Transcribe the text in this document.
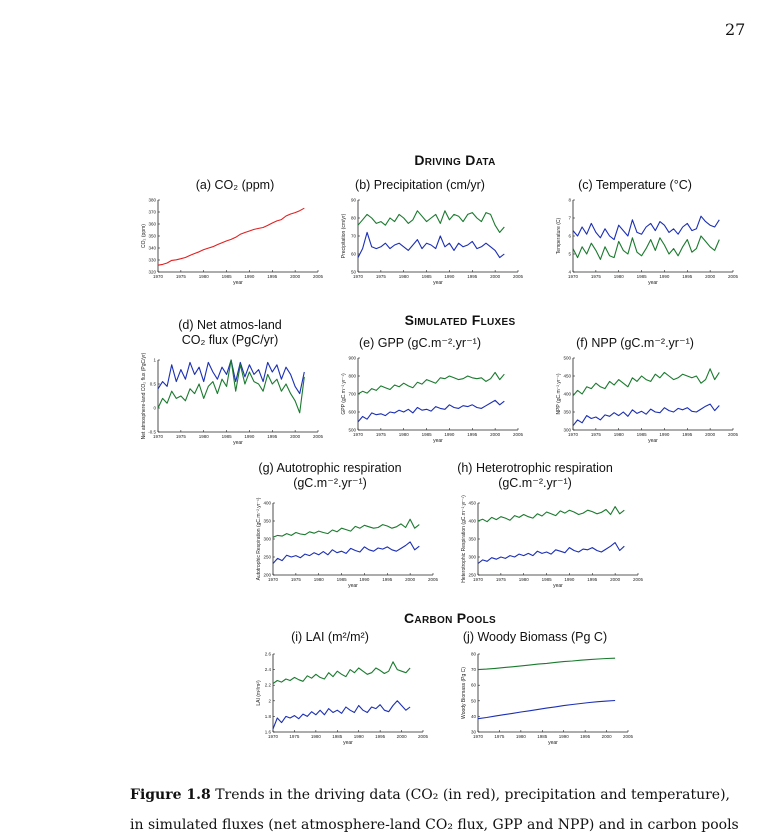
27
Driving Data
Simulated Fluxes
Carbon Pools
(a) CO₂ (ppm)
1970	1975	1980	1985	1990	1995	2000	2005
year
320
330
340
350
360
370
380
CO₂ (ppm)
(b) Precipitation (cm/yr)
1970	1975	1980	1985	1990	1995	2000	2005
year
50
60
70
80
90
Precipitation (cm/yr)
(c) Temperature (°C)
1970	1975	1980	1985	1990	1995	2000	2005
year
4
5
6
7
8
Temperature (C)
(d) Net atmos-land
CO₂ flux (PgC/yr)
1970	1975	1980	1985	1990	1995	2000	2005
year
-0.5
0
0.5
1
Net atmosphere-land CO₂ flux (PgC/yr)
(e) GPP (gC.m⁻².yr⁻¹)
1970	1975	1980	1985	1990	1995	2000	2005
year
500
600
700
800
900
GPP (gC.m⁻².yr⁻¹)
(f) NPP (gC.m⁻².yr⁻¹)
1970	1975	1980	1985	1990	1995	2000	2005
year
300
350
400
450
500
NPP (gC.m⁻².yr⁻¹)
(g) Autotrophic respiration
(gC.m⁻².yr⁻¹)
1970	1975	1980	1985	1990	1995	2000	2005
year
200
250
300
350
400
Autotrophic Respiration (gC.m⁻².yr⁻¹)
(h) Heterotrophic respiration
(gC.m⁻².yr⁻¹)
1970	1975	1980	1985	1990	1995	2000	2005
year
250
300
350
400
450
Heterotrophic Respiration (gC.m⁻².yr⁻¹)
(i) LAI (m²/m²)
1970	1975	1980	1985	1990	1995	2000	2005
year
1.6
1.8
2
2.2
2.4
2.6
LAI (m²/m²)
(j) Woody Biomass (Pg C)
1970	1975	1980	1985	1990	1995	2000	2005
year
30
40
50
60
70
80
Woody Biomass (Pg C)
Figure 1.8 Trends in the driving data (CO₂ (in red), precipitation and temperature),
in simulated fluxes (net atmosphere-land CO₂ flux, GPP and NPP) and in carbon pools
